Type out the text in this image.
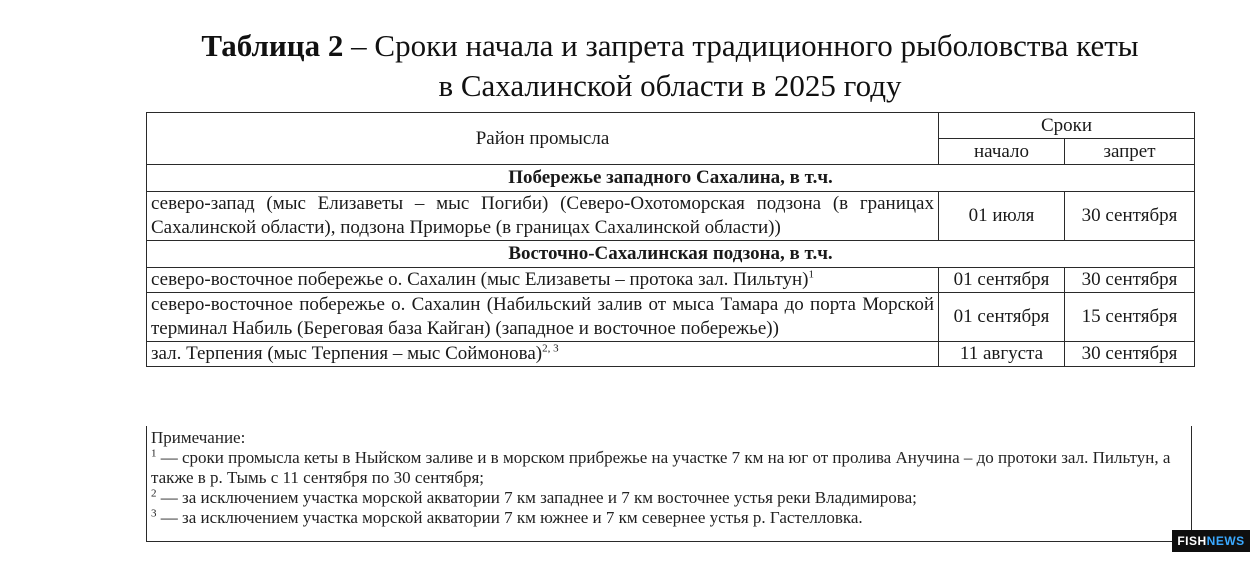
Таблица 2 – Сроки начала и запрета традиционного рыболовства кеты
в Сахалинской области в 2025 году
Район промысла	Сроки	
	начало	запрет
Побережье западного Сахалина, в т.ч.		
северо-запад (мыс Елизаветы – мыс Погиби) (Северо-Охотоморская подзона (в границах Сахалинской области), подзона Приморье (в границах Сахалинской области))	01 июля	30 сентября
Восточно-Сахалинская подзона, в т.ч.		
северо-восточное побережье о. Сахалин (мыс Елизаветы – протока зал. Пильтун)$^1$	01 сентября	30 сентября
северо-восточное побережье о. Сахалин (Набильский залив от мыса Тамара до порта Морской терминал Набиль (Береговая база Кайган) (западное и восточное побережье))	01 сентября	15 сентября
зал. Терпения (мыс Терпения – мыс Соймонова)$^{2, 3}$	11 августа	30 сентября
Примечание:
$^1$ — сроки промысла кеты в Ныйском заливе и в морском прибрежье на участке 7 км на юг от пролива Анучина – до протоки зал. Пильтун, а также в р. Тымь с 11 сентября по 30 сентября;
$^2$ — за исключением участка морской акватории 7 км западнее и 7 км восточнее устья реки Владимирова;
$^3$ — за исключением участка морской акватории 7 км южнее и 7 км севернее устья р. Гастелловка.
FISH NEWS
